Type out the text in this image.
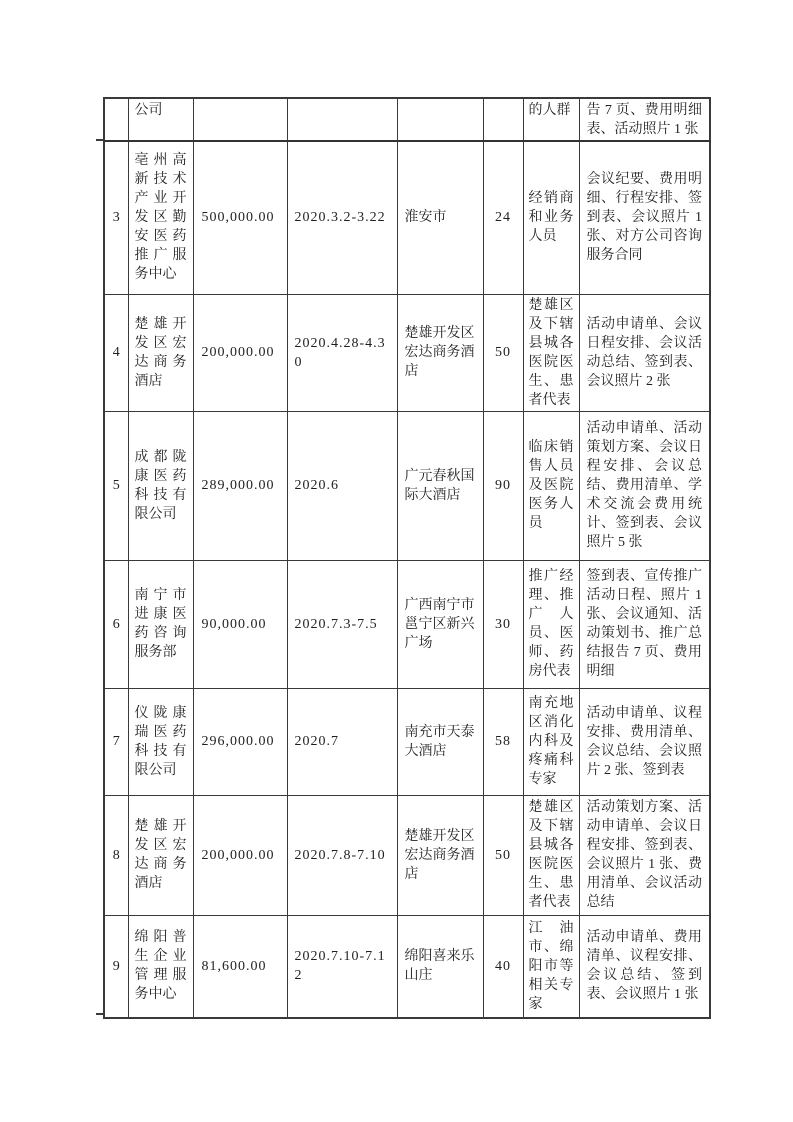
	公司					的人群	告 7 页、费用明细表、活动照片 1 张
3	亳州高新技术产业开发区勤安医药推广服务中心	500,000.00	2020.3.2-3.22	淮安市	24	经销商和业务人员	会议纪要、费用明细、行程安排、签到表、会议照片 1 张、对方公司咨询服务合同
4	楚雄开发区宏达商务酒店	200,000.00	2020.4.28-4.30	楚雄开发区宏达商务酒店	50	楚雄区及下辖县城各医院医生、患者代表	活动申请单、会议日程安排、会议活动总结、签到表、会议照片 2 张
5	成都陇康医药科技有限公司	289,000.00	2020.6	广元春秋国际大酒店	90	临床销售人员及医院医务人员	活动申请单、活动策划方案、会议日程安排、会议总结、费用清单、学术交流会费用统计、签到表、会议照片 5 张
6	南宁市进康医药咨询服务部	90,000.00	2020.7.3-7.5	广西南宁市邕宁区新兴广场	30	推广经理、推广人员、医师、药房代表	签到表、宣传推广活动日程、照片 1 张、会议通知、活动策划书、推广总结报告 7 页、费用明细
7	仪陇康瑞医药科技有限公司	296,000.00	2020.7	南充市天泰大酒店	58	南充地区消化内科及疼痛科专家	活动申请单、议程安排、费用清单、会议总结、会议照片 2 张、签到表
8	楚雄开发区宏达商务酒店	200,000.00	2020.7.8-7.10	楚雄开发区宏达商务酒店	50	楚雄区及下辖县城各医院医生、患者代表	活动策划方案、活动申请单、会议日程安排、签到表、会议照片 1 张、费用清单、会议活动总结
9	绵阳普生企业管理服务中心	81,600.00	2020.7.10-7.12	绵阳喜来乐山庄	40	江油市、绵阳市等相关专家	活动申请单、费用清单、议程安排、会议总结、签到表、会议照片 1 张
